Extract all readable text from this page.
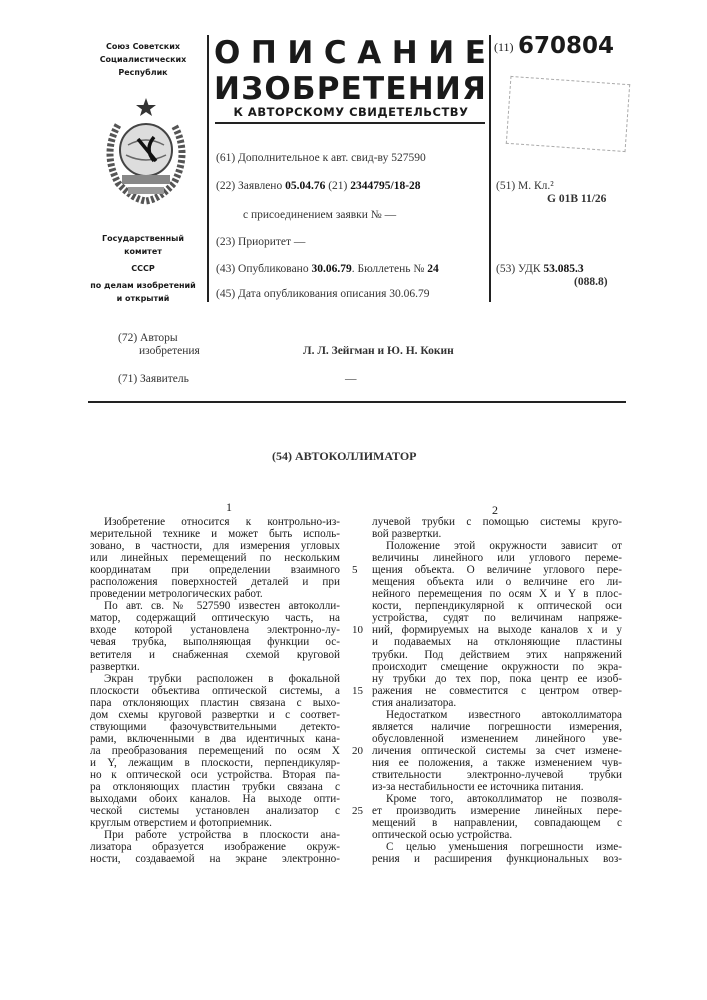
Союз Советских
Социалистических
Республик
Государственный комитет
СССР
по делам изобретений
и открытий
О П И С А Н И Е
И З О Б Р Е Т Е Н И Я
К АВТОРСКОМУ СВИДЕТЕЛЬСТВУ
(11) 670804
(61) Дополнительное к авт. свид-ву 527590
(22) Заявлено 05.04.76 (21) 2344795/18-28
с присоединением заявки № —
(23) Приоритет —
(43) Опубликовано 30.06.79. Бюллетень № 24
(45) Дата опубликования описания 30.06.79
(51) М. Кл.²
G 01B 11/26
(53) УДК 53.085.3
(088.8)
(72) Авторы
изобретения	Л. Л. Зейгман и Ю. Н. Кокин
(71) Заявитель	—
(54) АВТОКОЛЛИМАТОР
1	2
Изобретение относится к контрольно-из-
мерительной технике и может быть исполь-
зовано, в частности, для измерения угловых
или линейных перемещений по нескольким
координатам при определении взаимного
расположения поверхностей деталей и при
проведении метрологических работ.
По авт. св. № 527590 известен автоколли-
матор, содержащий оптическую часть, на
входе которой установлена электронно-лу-
чевая трубка, выполняющая функции ос-
ветителя и снабженная схемой круговой
развертки.
Экран трубки расположен в фокальной
плоскости объектива оптической системы, а
пара отклоняющих пластин связана с выхо-
дом схемы круговой развертки и с соответ-
ствующими фазочувствительными детекто-
рами, включенными в два идентичных кана-
ла преобразования перемещений по осям X
и Y, лежащим в плоскости, перпендикуляр-
но к оптической оси устройства. Вторая па-
ра отклоняющих пластин трубки связана с
выходами обоих каналов. На выходе опти-
ческой системы установлен анализатор с
круглым отверстием и фотоприемник.
При работе устройства в плоскости ана-
лизатора образуется изображение окруж-
ности, создаваемой на экране электронно-
лучевой трубки с помощью системы круго-
вой развертки.
Положение этой окружности зависит от
величины линейного или углового переме-
щения объекта. О величине углового пере-
мещения объекта или о величине его ли-
нейного перемещения по осям X и Y в плос-
кости, перпендикулярной к оптической оси
устройства, судят по величинам напряже-
ний, формируемых на выходе каналов x и y
и подаваемых на отклоняющие пластины
трубки. Под действием этих напряжений
происходит смещение окружности по экра-
ну трубки до тех пор, пока центр ее изоб-
ражения не совместится с центром отвер-
стия анализатора.
Недостатком известного автоколлиматора
является наличие погрешности измерения,
обусловленной изменением линейного уве-
личения оптической системы за счет измене-
ния ее положения, а также изменением чув-
ствительности электронно-лучевой трубки
из-за нестабильности ее источника питания.
Кроме того, автоколлиматор не позволя-
ет производить измерение линейных пере-
мещений в направлении, совпадающем с
оптической осью устройства.
С целью уменьшения погрешности изме-
рения и расширения функциональных воз-
5
10
15
20
25
